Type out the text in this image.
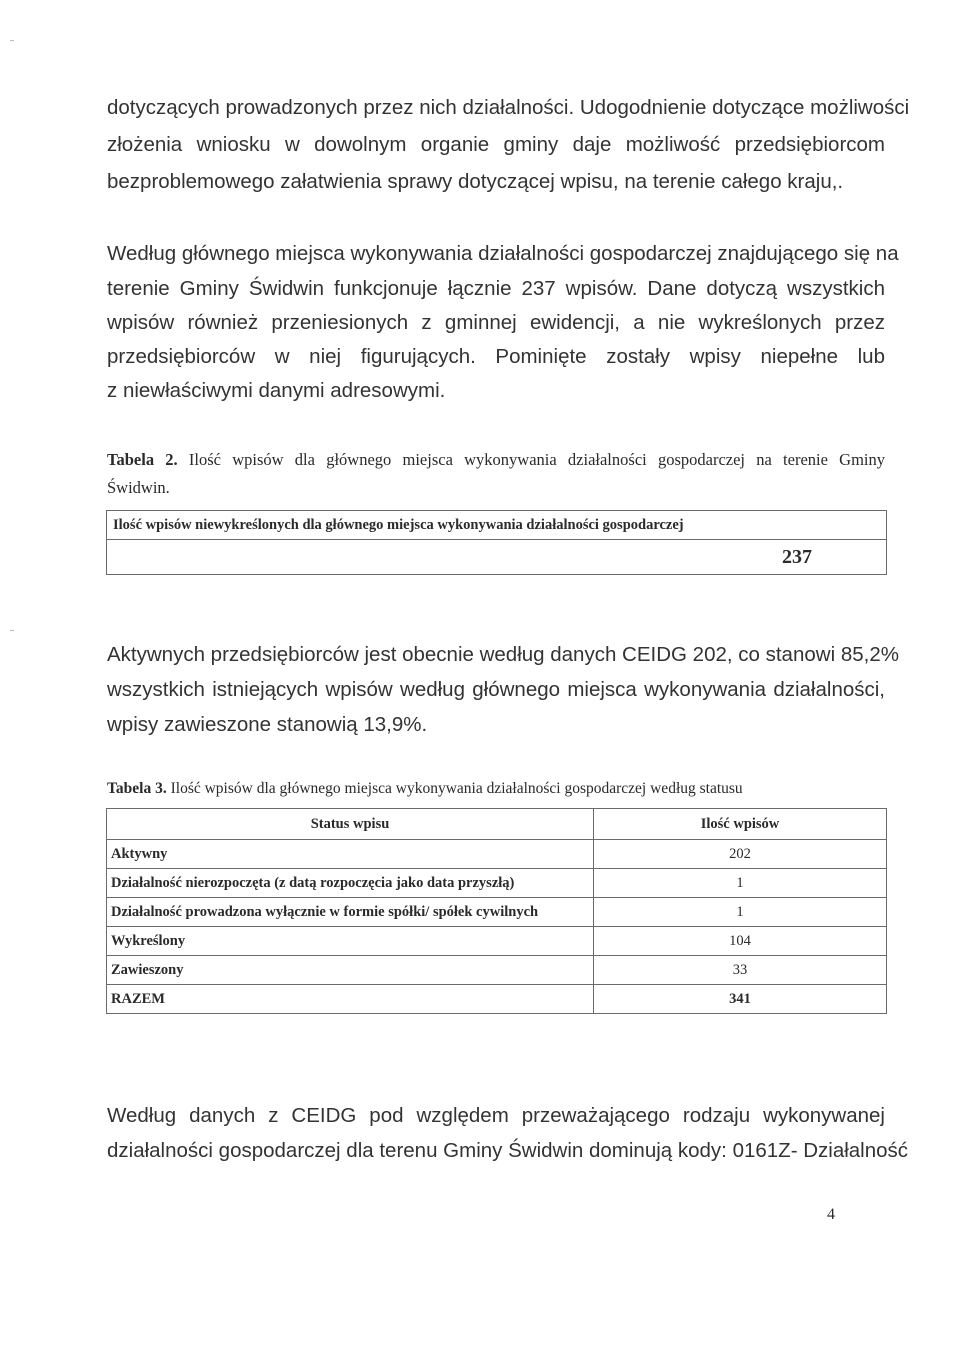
dotyczących prowadzonych przez nich działalności. Udogodnienie dotyczące możliwości
złożenia wniosku w dowolnym organie gminy daje możliwość przedsiębiorcom
bezproblemowego załatwienia sprawy dotyczącej wpisu, na terenie całego kraju,.
Według głównego miejsca wykonywania działalności gospodarczej znajdującego się na
terenie Gminy Świdwin funkcjonuje łącznie 237 wpisów. Dane dotyczą wszystkich
wpisów również przeniesionych z gminnej ewidencji, a nie wykreślonych przez
przedsiębiorców w niej figurujących. Pominięte zostały wpisy niepełne lub
z niewłaściwymi danymi adresowymi.
Tabela 2. Ilość wpisów dla głównego miejsca wykonywania działalności gospodarczej na terenie Gminy
Świdwin.
Ilość wpisów niewykreślonych dla głównego miejsca wykonywania działalności gospodarczej
237
Aktywnych przedsiębiorców jest obecnie według danych CEIDG 202, co stanowi 85,2%
wszystkich istniejących wpisów według głównego miejsca wykonywania działalności,
wpisy zawieszone stanowią 13,9%.
Tabela 3. Ilość wpisów dla głównego miejsca wykonywania działalności gospodarczej według statusu
Status wpisu	Ilość wpisów
Aktywny	202
Działalność nierozpoczęta (z datą rozpoczęcia jako data przyszłą)	1
Działalność prowadzona wyłącznie w formie spółki/ spółek cywilnych	1
Wykreślony	104
Zawieszony	33
RAZEM	341
Według danych z CEIDG pod względem przeważającego rodzaju wykonywanej
działalności gospodarczej dla terenu Gminy Świdwin dominują kody: 0161Z- Działalność
4
